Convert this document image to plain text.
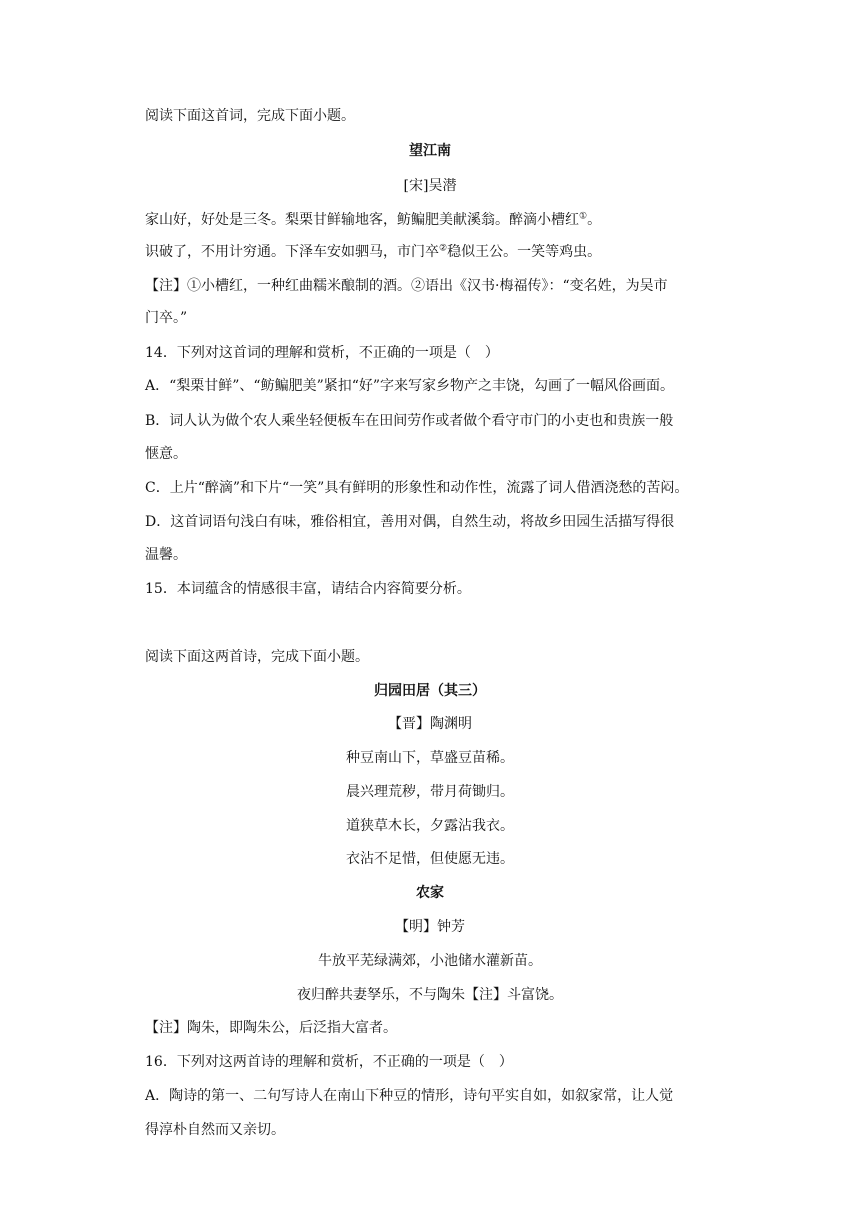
阅读下面这首词，完成下面小题。
望江南
[宋]吴潜
家山好，好处是三冬。梨栗甘鲜输地客，鲂鳊肥美献溪翁。醉滴小槽红①。
识破了，不用计穷通。下泽车安如驷马，市门卒②稳似王公。一笑等鸡虫。
【注】①小槽红，一种红曲糯米酿制的酒。②语出《汉书·梅福传》：“变名姓，为吴市
门卒。”
14．下列对这首词的理解和赏析，不正确的一项是（　）
A．“梨栗甘鲜”、“鲂鳊肥美”紧扣“好”字来写家乡物产之丰饶，勾画了一幅风俗画面。
B．词人认为做个农人乘坐轻便板车在田间劳作或者做个看守市门的小吏也和贵族一般
惬意。
C．上片“醉滴”和下片“一笑”具有鲜明的形象性和动作性，流露了词人借酒浇愁的苦闷。
D．这首词语句浅白有味，雅俗相宜，善用对偶，自然生动，将故乡田园生活描写得很
温馨。
15．本词蕴含的情感很丰富，请结合内容简要分析。
阅读下面这两首诗，完成下面小题。
归园田居（其三）
【晋】陶渊明
种豆南山下，草盛豆苗稀。
晨兴理荒秽，带月荷锄归。
道狭草木长，夕露沾我衣。
衣沾不足惜，但使愿无违。
农家
【明】钟芳
牛放平芜绿满郊，小池储水灌新苗。
夜归醉共妻孥乐，不与陶朱【注】斗富饶。
【注】陶朱，即陶朱公，后泛指大富者。
16．下列对这两首诗的理解和赏析，不正确的一项是（　）
A．陶诗的第一、二句写诗人在南山下种豆的情形，诗句平实自如，如叙家常，让人觉
得淳朴自然而又亲切。
